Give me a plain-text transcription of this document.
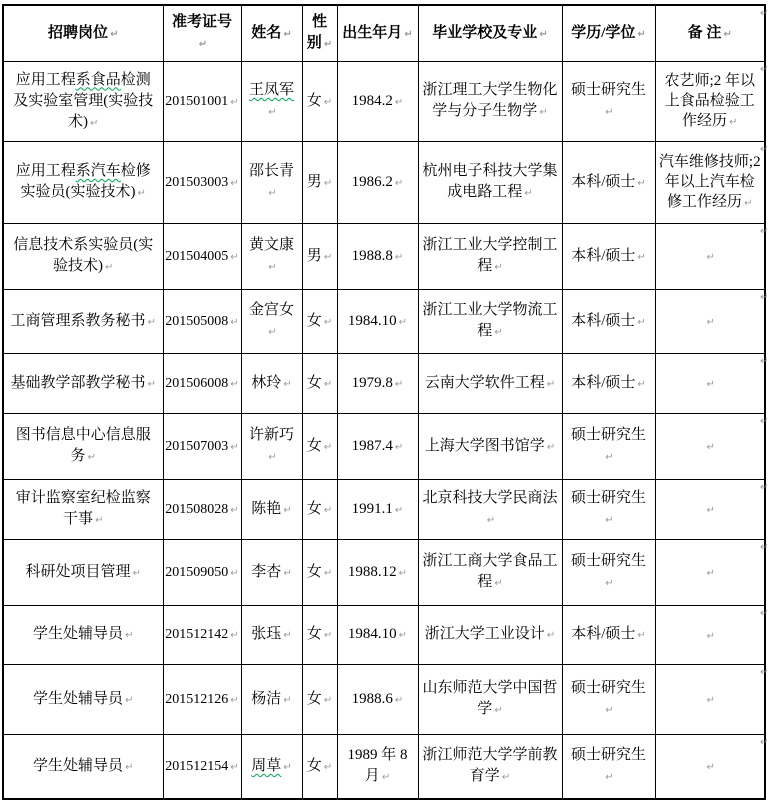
招聘岗位 ↵	准考证号↵	姓名 ↵	性别 ↵	出生年月 ↵	毕业学校及专业 ↵	学历/学位 ↵	备 注 ↵
应用工程系食品检测及实验室管理(实验技术) ↵	201501001 ↵	王凤军↵	女 ↵	1984.2 ↵	浙江理工大学生物化学与分子生物学 ↵	硕士研究生↵	农艺师;2 年以上食品检验工作经历 ↵
应用工程系汽车检修实验员(实验技术) ↵	201503003 ↵	邵长青↵	男 ↵	1986.2 ↵	杭州电子科技大学集成电路工程 ↵	本科/硕士 ↵	汽车维修技师;2 年以上汽车检修工作经历 ↵
信息技术系实验员(实验技术) ↵	201504005 ↵	黄文康↵	男 ↵	1988.8 ↵	浙江工业大学控制工程 ↵	本科/硕士 ↵	↵
工商管理系教务秘书 ↵	201505008 ↵	金宫女↵	女 ↵	1984.10 ↵	浙江工业大学物流工程 ↵	本科/硕士 ↵	↵
基础教学部教学秘书 ↵	201506008 ↵	林玲 ↵	女 ↵	1979.8 ↵	云南大学软件工程 ↵	本科/硕士 ↵	↵
图书信息中心信息服务 ↵	201507003 ↵	许新巧↵	女 ↵	1987.4 ↵	上海大学图书馆学 ↵	硕士研究生↵	↵
审计监察室纪检监察干事 ↵	201508028 ↵	陈艳 ↵	女 ↵	1991.1 ↵	北京科技大学民商法↵	硕士研究生↵	↵
科研处项目管理 ↵	201509050 ↵	李杏 ↵	女 ↵	1988.12 ↵	浙江工商大学食品工程 ↵	硕士研究生↵	↵
学生处辅导员 ↵	201512142 ↵	张珏 ↵	女 ↵	1984.10 ↵	浙江大学工业设计 ↵	本科/硕士 ↵	↵
学生处辅导员 ↵	201512126 ↵	杨洁 ↵	女 ↵	1988.6 ↵	山东师范大学中国哲学 ↵	硕士研究生↵	↵
学生处辅导员 ↵	201512154 ↵	周草 ↵	女 ↵	1989 年 8 月 ↵	浙江师范大学学前教育学 ↵	硕士研究生↵	↵
↵
↵
↵
↵
↵
↵
↵
↵
↵
↵
↵
↵
